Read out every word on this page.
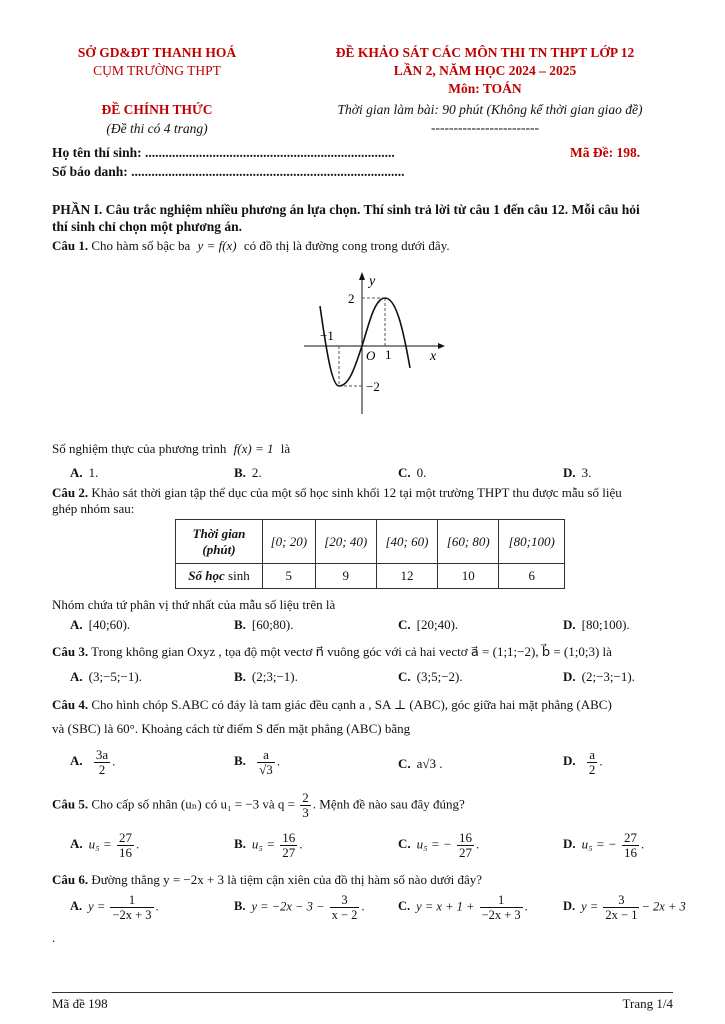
SỞ GD&ĐT THANH HOÁ
CỤM TRƯỜNG THPT
ĐỀ KHẢO SÁT CÁC MÔN THI TN THPT LỚP 12
LẦN 2, NĂM HỌC 2024 – 2025
Môn: TOÁN
ĐỀ CHÍNH THỨC
(Đề thi có 4 trang)
Thời gian làm bài: 90 phút (Không kể thời gian giao đề)
------------------------
Họ tên thí sinh: ..........................................................................	Mã Đề: 198.
Số báo danh: .................................................................................
PHẦN I. Câu trắc nghiệm nhiều phương án lựa chọn. Thí sinh trả lời từ câu 1 đến câu 12. Mỗi câu hỏi
thí sinh chỉ chọn một phương án.
Câu 1. Cho hàm số bậc ba y = f(x) có đồ thị là đường cong trong dưới đây.
y
x
O
2
−2
−1
1
Số nghiệm thực của phương trình f(x) = 1 là
A. 1.	B. 2.	C. 0.	D. 3.
Câu 2. Khảo sát thời gian tập thể dục của một số học sinh khối 12 tại một trường THPT thu được mẫu số liệu
ghép nhóm sau:
Thời gian
(phút)	[0; 20)	[20; 40)	[40; 60)	[60; 80)	[80;100)
Số học sinh	5	9	12	10	6
Nhóm chứa tứ phân vị thứ nhất của mẫu số liệu trên là
A. [40;60).	B. [60;80).	C. [20;40).	D. [80;100).
Câu 3. Trong không gian Oxyz , tọa độ một vectơ n⃗ vuông góc với cả hai vectơ a⃗ = (1;1;−2), b⃗ = (1;0;3) là
A. (3;−5;−1).	B. (2;3;−1).	C. (3;5;−2).	D. (2;−3;−1).
Câu 4. Cho hình chóp S.ABC có đáy là tam giác đều cạnh a , SA ⊥ (ABC), góc giữa hai mặt phẳng (ABC)
và (SBC) là 60°. Khoảng cách từ điểm S đến mặt phẳng (ABC) bằng
A. $\frac{3a}{2}$ .	B. $\frac{a}{√3}$ .	C. a√3 .	D. $\frac{a}{2}$ .
Câu 5. Cho cấp số nhân (uₙ) có u₁ = −3 và $q = \frac{2}{3}$ . Mệnh đề nào sau đây đúng?
A. $u_5 = \frac{27}{16}$ .	B. $u_5 = \frac{16}{27}$ .	C. u₅ = − $\frac{16}{27}$ .	D. u₅ = − $\frac{27}{16}$ .
Câu 6. Đường thẳng y = −2x + 3 là tiệm cận xiên của đồ thị hàm số nào dưới đây?
A. $y = \frac{1}{-2x + 3}$ .	B. $y = -2x - 3 - \frac{3}{x - 2}$ .	C. $y = x + 1 + \frac{1}{-2x + 3}$ .	D. $y = \frac{3}{2x - 1} - 2x + 3$
.
Mã đề 198	Trang 1/4
